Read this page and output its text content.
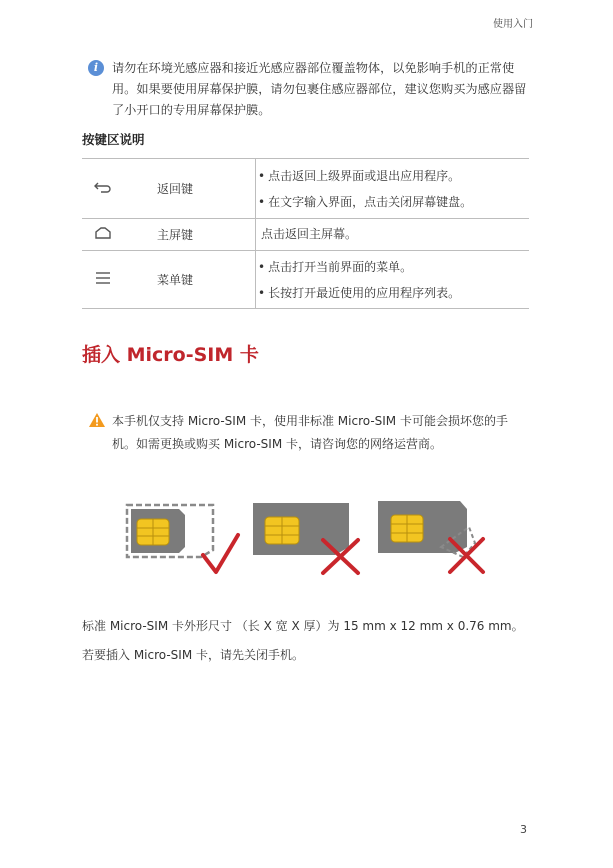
使用入门
i	请勿在环境光感应器和接近光感应器部位覆盖物体，以免影响手机的正常使用。如果要使用屏幕保护膜，请勿包裹住感应器部位，建议您购买为感应器留了小开口的专用屏幕保护膜。
按键区说明
	返回键	• 点击返回上级界面或退出应用程序。
• 在文字输入界面，点击关闭屏幕键盘。

	主屏键	点击返回主屏幕。

	菜单键	• 点击打开当前界面的菜单。
• 长按打开最近使用的应用程序列表。
插入 Micro-SIM 卡
本手机仅支持 Micro-SIM 卡，使用非标准 Micro-SIM 卡可能会损坏您的手机。如需更换或购买 Micro-SIM 卡，请咨询您的网络运营商。
标准 Micro-SIM 卡外形尺寸 （长 X 宽 X 厚）为 15 mm x 12 mm x 0.76 mm。
若要插入 Micro-SIM 卡，请先关闭手机。
3
